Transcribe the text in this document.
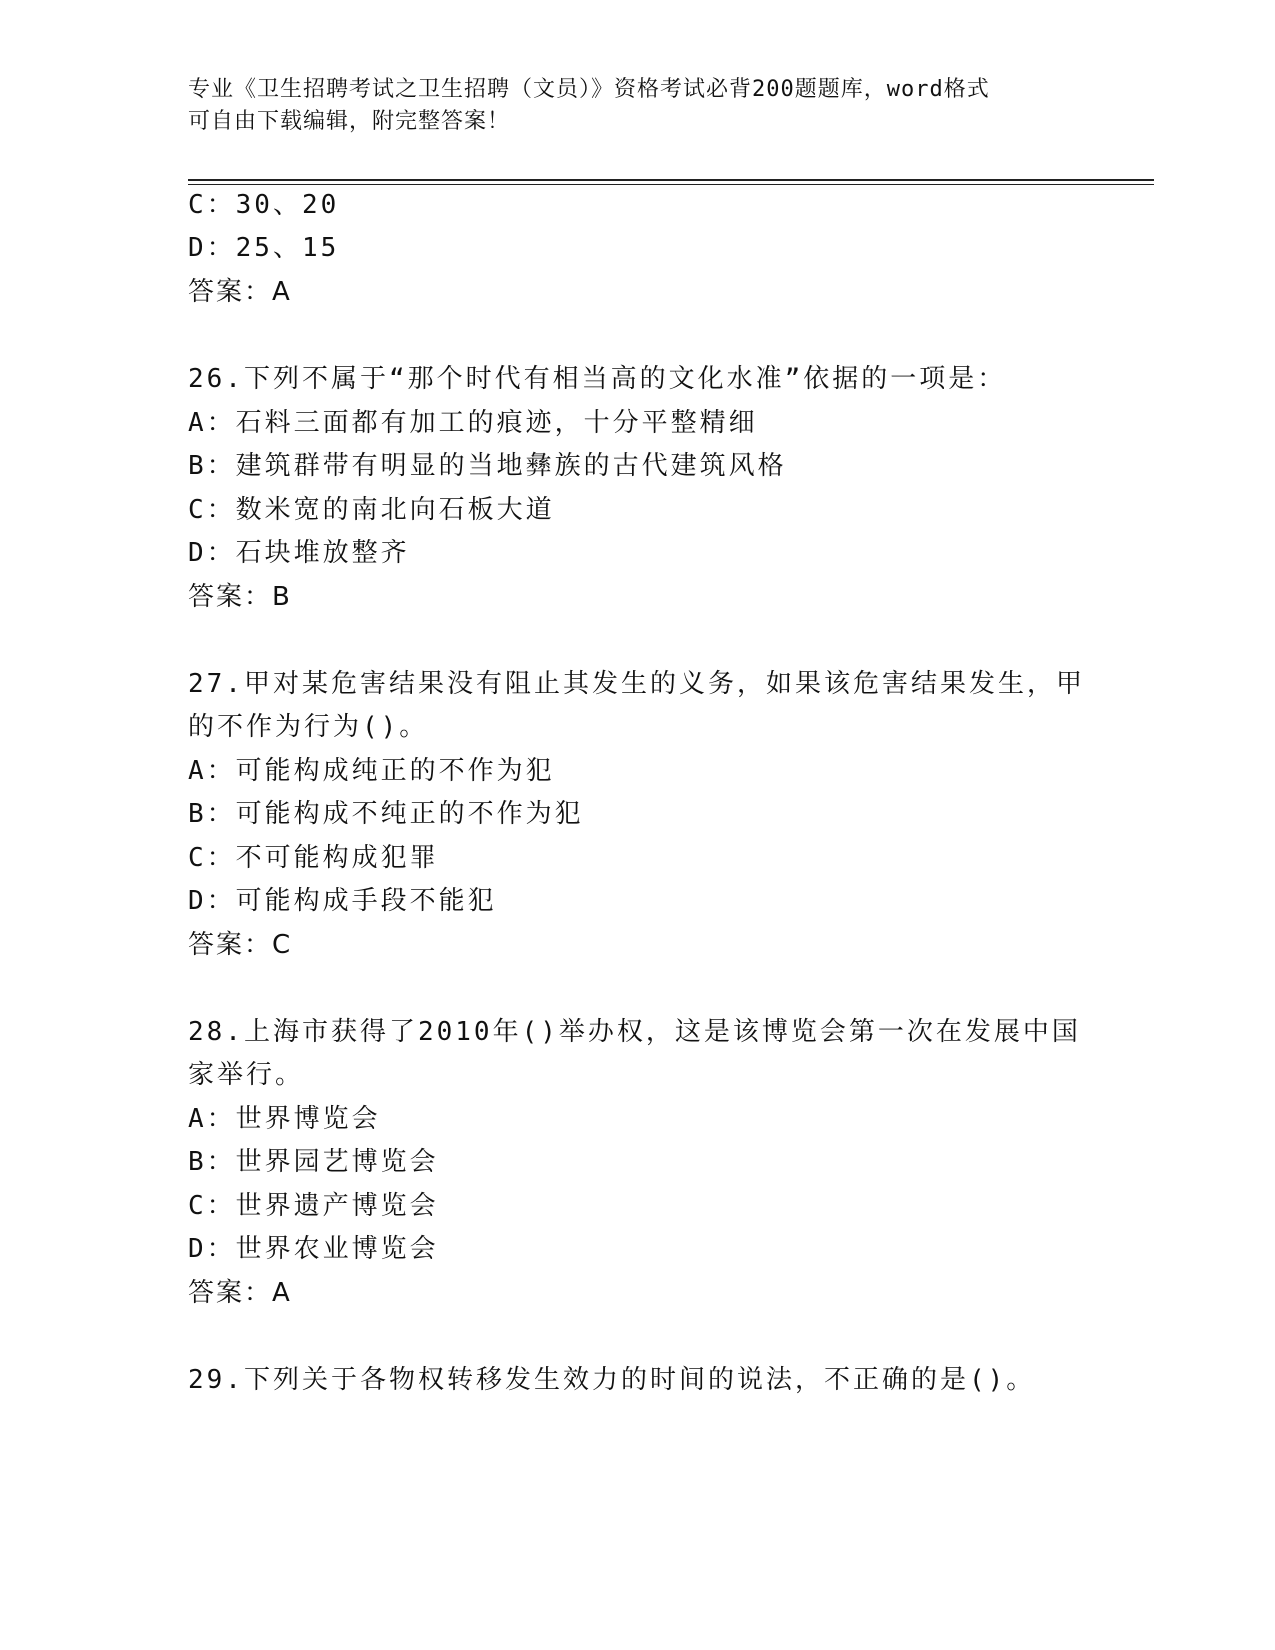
专业《卫生招聘考试之卫生招聘（文员）》资格考试必背200题题库，word格式
可自由下载编辑，附完整答案！
C：30、20
D：25、15
答案：A
26.下列不属于“那个时代有相当高的文化水准”依据的一项是：
A：石料三面都有加工的痕迹，十分平整精细
B：建筑群带有明显的当地彝族的古代建筑风格
C：数米宽的南北向石板大道
D：石块堆放整齐
答案：B
27.甲对某危害结果没有阻止其发生的义务，如果该危害结果发生，甲
的不作为行为()。
A：可能构成纯正的不作为犯
B：可能构成不纯正的不作为犯
C：不可能构成犯罪
D：可能构成手段不能犯
答案：C
28.上海市获得了2010年()举办权，这是该博览会第一次在发展中国
家举行。
A：世界博览会
B：世界园艺博览会
C：世界遗产博览会
D：世界农业博览会
答案：A
29.下列关于各物权转移发生效力的时间的说法，不正确的是()。
